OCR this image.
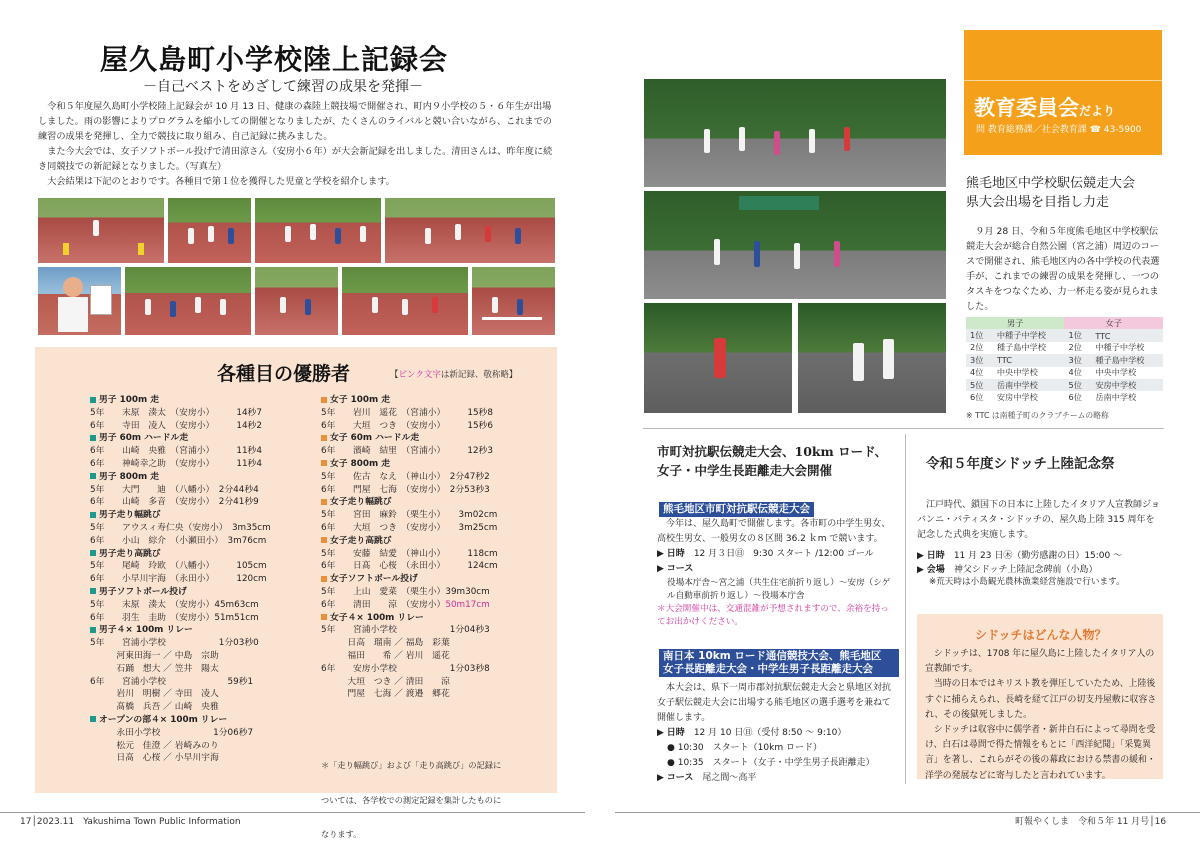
屋久島町小学校陸上記録会
－自己ベストをめざして練習の成果を発揮－

令和５年度屋久島町小学校陸上記録会が 10 月 13 日、健康の森陸上競技場で開催され、町内９小学校の５・６年生が出場しました。雨の影響によりプログラムを縮小しての開催となりましたが、たくさんのライバルと競い合いながら、これまでの練習の成果を発揮し、全力で競技に取り組み、自己記録に挑みました。

また今大会では、女子ソフトボール投げで清田涼さん（安房小６年）が大会新記録を出しました。清田さんは、昨年度に続き同競技での新記録となりました。（写真左）

大会結果は下記のとおりです。各種目で第１位を獲得した児童と学校を紹介します。

各種目の優勝者	【ピンク文字は新記録、敬称略】
男子 100m 走
5年　　末原　湊太　（安房小）　　　14秒7
6年　　寺田　凌人　（安房小）　　　14秒2
男子 60m ハードル走
6年　　山崎　央雅　（宮浦小）　　　11秒4
6年　　神崎幸之助　（安房小）　　　11秒4
男子 800m 走
5年　　大門　　迪　（八幡小）　2分44秒4
6年　　山崎　多音　（安房小）　2分41秒9
男子走り幅跳び
5年　　アウスィ寿仁央（安房小）　3m35cm
6年　　小山　綜介　（小瀬田小）　3m76cm
男子走り高跳び
5年　　尾崎　玲欧　（八幡小）　　　105cm
6年　　小早川宇海　（永田小）　　　120cm
男子ソフトボール投げ
5年　　末原　湊太　（安房小）45m63cm
6年　　羽生　圭助　（安房小）51m51cm
男子４× 100m リレー
5年　　宮浦小学校　　　　　　1分03秒0
　　　河東田海一 ／ 中島　宗助
　　　石踊　想大 ／ 笠井　陽太
6年　　宮浦小学校　　　　　　　59秒1
　　　岩川　明樹 ／ 寺田　凌人
　　　髙橋　兵吾 ／ 山崎　央雅
オープンの部４× 100m リレー
　　　永田小学校　　　　　　1分06秒7
　　　松元　佳澄 ／ 岩崎みのり
　　　日髙　心桜 ／ 小早川宇海
女子 100m 走
5年　　岩川　遥花　（宮浦小）　　　15秒8
6年　　大垣　つき　（安房小）　　　15秒6
女子 60m ハードル走
6年　　濱崎　結里　（宮浦小）　　　12秒3
女子 800m 走
5年　　佐古　なえ　（神山小）　2分47秒2
6年　　門屋　七海　（安房小）　2分53秒3
女子走り幅跳び
5年　　宮田　麻鈴　（栗生小）　　3m02cm
6年　　大垣　つき　（安房小）　　3m25cm
女子走り高跳び
5年　　安藤　結愛　（神山小）　　　118cm
6年　　日髙　心桜　（永田小）　　　124cm
女子ソフトボール投げ
5年　　上山　愛菜　（栗生小）39m30cm
6年　　清田　　涼　（安房小）50m17cm
女子４× 100m リレー
5年　　宮浦小学校　　　　　　1分04秒3
　　　日高　瑠南 ／ 福島　彩葉
　　　福田　　希 ／ 岩川　遥花
6年　　安房小学校　　　　　　1分03秒8
　　　大垣　つき ／ 清田　　涼
　　　門屋　七海 ／ 渡邉　郷花

＊「走り幅跳び」および「走り高跳び」の記録に

ついては、各学校での測定記録を集計したものに

なります。

教育委員会だより
問 教育総務課／社会教育課 ☎ 43-5900
熊毛地区中学校駅伝競走大会
県大会出場を目指し力走

９月 28 日、令和５年度熊毛地区中学校駅伝競走大会が総合自然公園（宮之浦）周辺のコースで開催され、熊毛地区内の各中学校の代表選手が、これまでの練習の成果を発揮し、一つのタスキをつなぐため、力一杯走る姿が見られました。

男子		女子	
1位	中種子中学校	1位	TTC
2位	種子島中学校	2位	中種子中学校
3位	TTC	3位	種子島中学校
4位	中央中学校	4位	中央中学校
5位	岳南中学校	5位	安房中学校
6位	安房中学校	6位	岳南中学校
※ TTC は南種子町のクラブチームの略称
市町対抗駅伝競走大会、10km ロード、女子・中学生長距離走大会開催
熊毛地区市町対抗駅伝競走大会
今年は、屋久島町で開催します。各市町の中学生男女、高校生男女、一般男女の８区間 36.2 ｋm で競います。
▶ 日時　 12 月３日㊐　9:30 スタート /12:00 ゴール
▶ コース
役場本庁舎～宮之浦（共生住宅前折り返し）～安房（シゲル自動車前折り返し）～役場本庁舎
＊大会開催中は、交通混雑が予想されますので、余裕を持ってお出かけください。
南日本 10km ロード通信競技大会、熊毛地区
女子長距離走大会・中学生男子長距離走大会
本大会は、県下一周市郡対抗駅伝競走大会と県地区対抗女子駅伝競走大会に出場する熊毛地区の選手選考を兼ねて開催します。
▶ 日時　 12 月 10 日㊐（受付 8:50 ～ 9:10）
● 10:30　スタート（10km ロード）
● 10:35　スタート（女子・中学生男子長距離走）
▶ コース　 尾之間～高平
令和５年度シドッチ上陸記念祭
江戸時代、鎖国下の日本に上陸したイタリア人宣教師ジョバンニ・バティスタ・シドッチの、屋久島上陸 315 周年を記念した式典を実施します。
▶ 日時　 11 月 23 日㊍（勤労感謝の日）15:00 ～
▶ 会場　 神父シドッチ上陸記念碑前（小島）
※荒天時は小島観光農林漁業経営施設で行います。
シドッチはどんな人物？
シドッチは、1708 年に屋久島に上陸したイタリア人の宣教師です。
当時の日本ではキリスト教を弾圧していたため、上陸後すぐに捕らえられ、長崎を経て江戸の切支丹屋敷に収容され、その後獄死しました。
シドッチは収容中に儒学者・新井白石によって尋問を受け、白石は尋問で得た情報をもとに「西洋紀聞」「采覧異言」を著し、これらがその後の幕政における禁書の緩和・洋学の発展などに寄与したと言われています。
17│2023.11　Yakushima Town Public Information	町報やくしま　令和５年 11 月号│16
